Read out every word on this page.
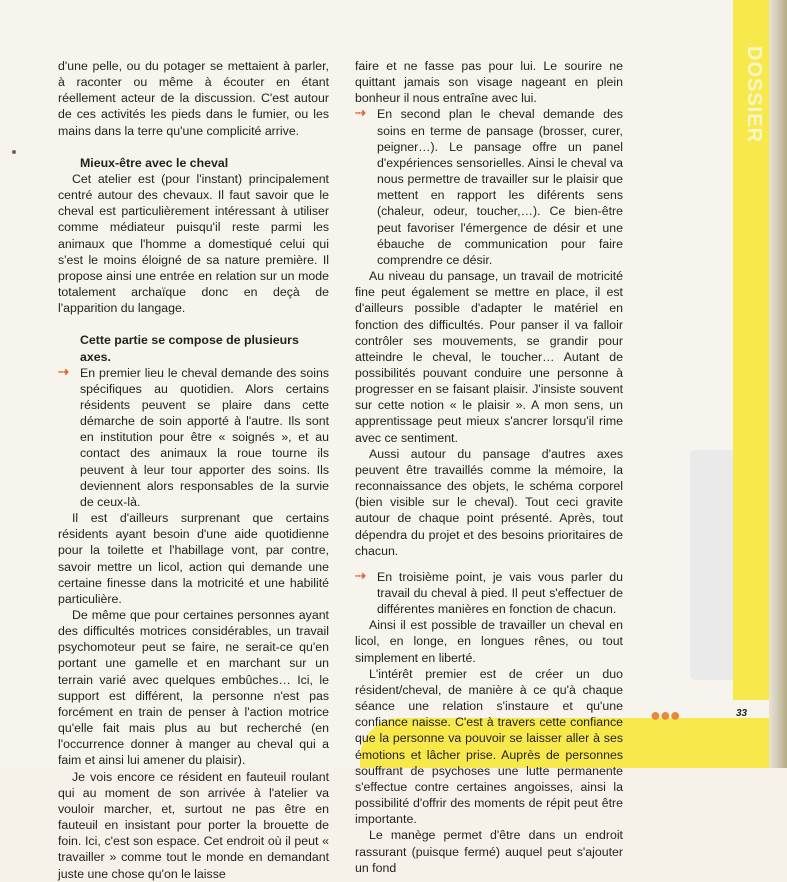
DOSSIER

d'une pelle, ou du potager se mettaient à parler, à raconter ou même à écouter en étant réellement acteur de la discussion. C'est autour de ces activités les pieds dans le fumier, ou les mains dans la terre qu'une complicité arrive.

Mieux-être avec le cheval

Cet atelier est (pour l'instant) principalement centré autour des chevaux. Il faut savoir que le cheval est particulièrement intéressant à utiliser comme médiateur puisqu'il reste parmi les animaux que l'homme a domestiqué celui qui s'est le moins éloigné de sa nature première. Il propose ainsi une entrée en relation sur un mode totalement archaïque donc en deçà de l'apparition du langage.

Cette partie se compose de plusieurs axes.

⇢ En premier lieu le cheval demande des soins spécifiques au quotidien. Alors certains résidents peuvent se plaire dans cette démarche de soin apporté à l'autre. Ils sont en institution pour être « soignés », et au contact des animaux la roue tourne ils peuvent à leur tour apporter des soins. Ils deviennent alors responsables de la survie de ceux-là.

Il est d'ailleurs surprenant que certains résidents ayant besoin d'une aide quotidienne pour la toilette et l'habillage vont, par contre, savoir mettre un licol, action qui demande une certaine finesse dans la motricité et une habilité particulière.

De même que pour certaines personnes ayant des difficultés motrices considérables, un travail psychomoteur peut se faire, ne serait-ce qu'en portant une gamelle et en marchant sur un terrain varié avec quelques embûches… Ici, le support est différent, la personne n'est pas forcément en train de penser à l'action motrice qu'elle fait mais plus au but recherché (en l'occurrence donner à manger au cheval qui a faim et ainsi lui amener du plaisir).

Je vois encore ce résident en fauteuil roulant qui au moment de son arrivée à l'atelier va vouloir marcher, et, surtout ne pas être en fauteuil en insistant pour porter la brouette de foin. Ici, c'est son espace. Cet endroit où il peut « travailler » comme tout le monde en demandant juste une chose qu'on le laisse

faire et ne fasse pas pour lui. Le sourire ne quittant jamais son visage nageant en plein bonheur il nous entraîne avec lui.

⇢ En second plan le cheval demande des soins en terme de pansage (brosser, curer, peigner…). Le pansage offre un panel d'expériences sensorielles. Ainsi le cheval va nous permettre de travailler sur le plaisir que mettent en rapport les diférents sens (chaleur, odeur, toucher,…). Ce bien-être peut favoriser l'émergence de désir et une ébauche de communication pour faire comprendre ce désir.

Au niveau du pansage, un travail de motricité fine peut également se mettre en place, il est d'ailleurs possible d'adapter le matériel en fonction des difficultés. Pour panser il va falloir contrôler ses mouvements, se grandir pour atteindre le cheval, le toucher… Autant de possibilités pouvant conduire une personne à progresser en se faisant plaisir. J'insiste souvent sur cette notion « le plaisir ». A mon sens, un apprentissage peut mieux s'ancrer lorsqu'il rime avec ce sentiment.

Aussi autour du pansage d'autres axes peuvent être travaillés comme la mémoire, la reconnaissance des objets, le schéma corporel (bien visible sur le cheval). Tout ceci gravite autour de chaque point présenté. Après, tout dépendra du projet et des besoins prioritaires de chacun.

⇢ En troisième point, je vais vous parler du travail du cheval à pied. Il peut s'effectuer de différentes manières en fonction de chacun.

Ainsi il est possible de travailler un cheval en licol, en longe, en longues rênes, ou tout simplement en liberté.

L'intérêt premier est de créer un duo résident/cheval, de manière à ce qu'à chaque séance une relation s'instaure et qu'une confiance naisse. C'est à travers cette confiance que la personne va pouvoir se laisser aller à ses émotions et lâcher prise. Auprès de personnes souffrant de psychoses une lutte permanente s'effectue contre certaines angoisses, ainsi la possibilité d'offrir des moments de répit peut être importante.

Le manège permet d'être dans un endroit rassurant (puisque fermé) auquel peut s'ajouter un fond

●●●	33
